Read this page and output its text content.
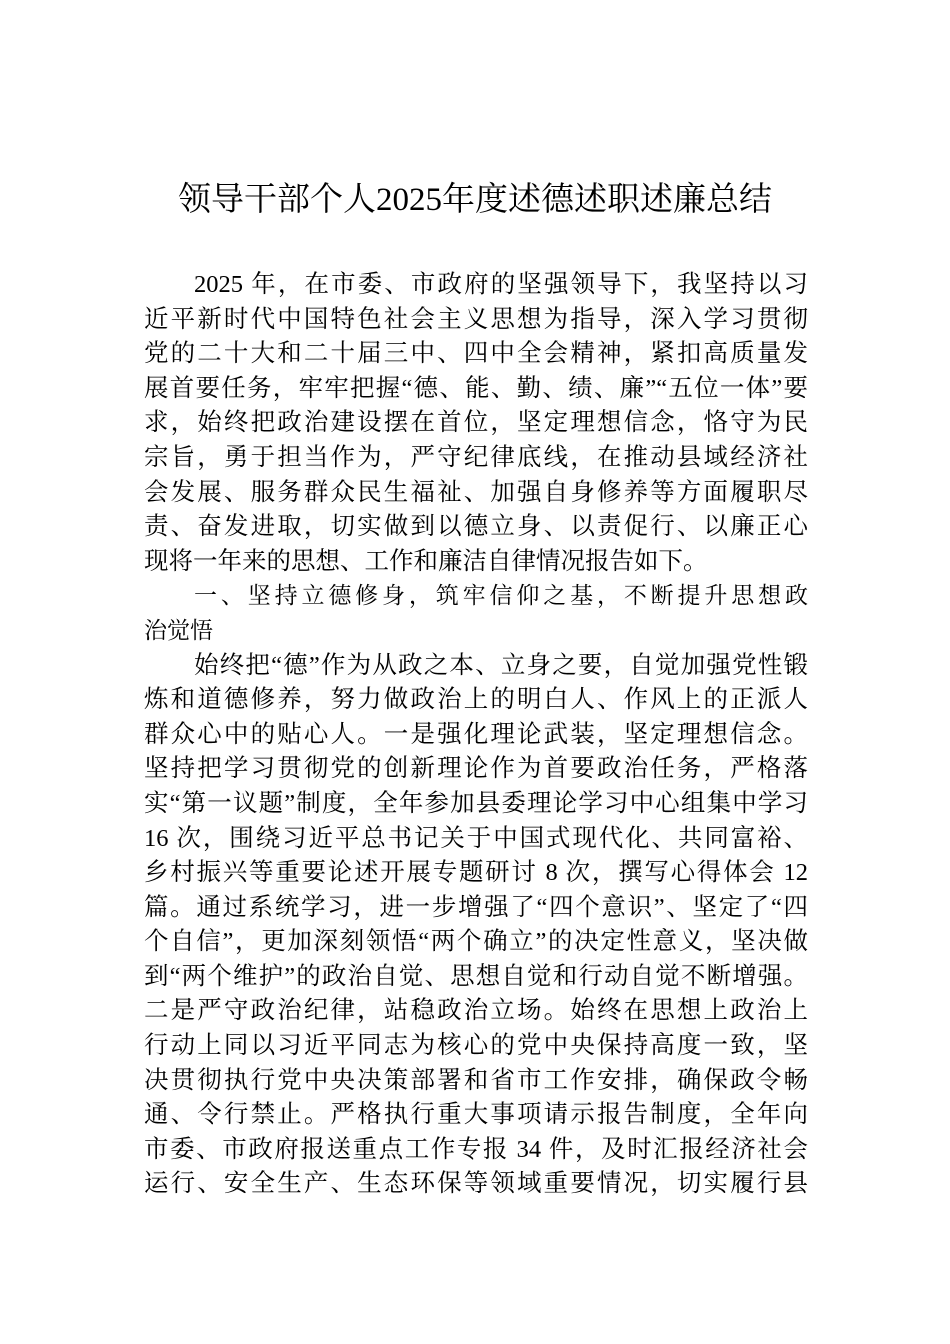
领导干部个人2025年度述德述职述廉总结
2025 年，在市委、市政府的坚强领导下，我坚持以习
近平新时代中国特色社会主义思想为指导，深入学习贯彻
党的二十大和二十届三中、四中全会精神，紧扣高质量发
展首要任务，牢牢把握“德、能、勤、绩、廉”“五位一体”要
求，始终把政治建设摆在首位，坚定理想信念，恪守为民
宗旨，勇于担当作为，严守纪律底线，在推动县域经济社
会发展、服务群众民生福祉、加强自身修养等方面履职尽
责、奋发进取，切实做到以德立身、以责促行、以廉正心
现将一年来的思想、工作和廉洁自律情况报告如下。
一、坚持立德修身，筑牢信仰之基，不断提升思想政
治觉悟
始终把“德”作为从政之本、立身之要，自觉加强党性锻
炼和道德修养，努力做政治上的明白人、作风上的正派人
群众心中的贴心人。一是强化理论武装，坚定理想信念。
坚持把学习贯彻党的创新理论作为首要政治任务，严格落
实“第一议题”制度，全年参加县委理论学习中心组集中学习
16 次，围绕习近平总书记关于中国式现代化、共同富裕、
乡村振兴等重要论述开展专题研讨 8 次，撰写心得体会 12
篇。通过系统学习，进一步增强了“四个意识”、坚定了“四
个自信”，更加深刻领悟“两个确立”的决定性意义，坚决做
到“两个维护”的政治自觉、思想自觉和行动自觉不断增强。
二是严守政治纪律，站稳政治立场。始终在思想上政治上
行动上同以习近平同志为核心的党中央保持高度一致，坚
决贯彻执行党中央决策部署和省市工作安排，确保政令畅
通、令行禁止。严格执行重大事项请示报告制度，全年向
市委、市政府报送重点工作专报 34 件，及时汇报经济社会
运行、安全生产、生态环保等领域重要情况，切实履行县
